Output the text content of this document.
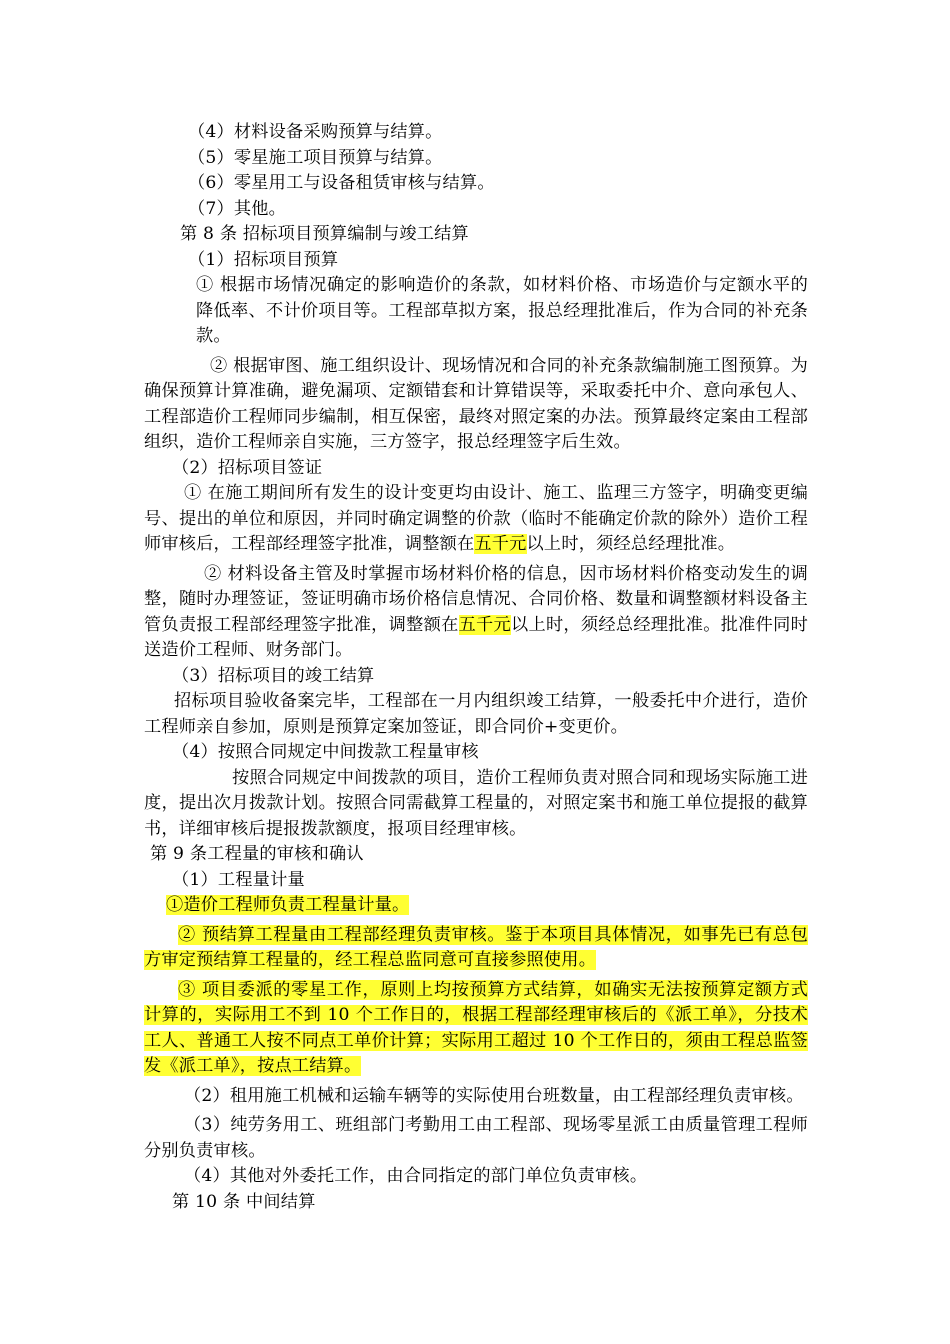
（4）材料设备采购预算与结算。
（5）零星施工项目预算与结算。
（6）零星用工与设备租赁审核与结算。
（7）其他。
第 8 条 招标项目预算编制与竣工结算
（1）招标项目预算
① 根据市场情况确定的影响造价的条款，如材料价格、市场造价与定额水平的降低率、不计价项目等。工程部草拟方案，报总经理批准后，作为合同的补充条款。
② 根据审图、施工组织设计、现场情况和合同的补充条款编制施工图预算。为确保预算计算准确，避免漏项、定额错套和计算错误等，采取委托中介、意向承包人、工程部造价工程师同步编制，相互保密，最终对照定案的办法。预算最终定案由工程部组织，造价工程师亲自实施，三方签字，报总经理签字后生效。
（2）招标项目签证
① 在施工期间所有发生的设计变更均由设计、施工、监理三方签字，明确变更编号、提出的单位和原因，并同时确定调整的价款（临时不能确定价款的除外）造价工程师审核后，工程部经理签字批准，调整额在五千元以上时，须经总经理批准。
② 材料设备主管及时掌握市场材料价格的信息，因市场材料价格变动发生的调整，随时办理签证，签证明确市场价格信息情况、合同价格、数量和调整额材料设备主管负责报工程部经理签字批准，调整额在五千元以上时，须经总经理批准。批准件同时送造价工程师、财务部门。
（3）招标项目的竣工结算
招标项目验收备案完毕，工程部在一月内组织竣工结算，一般委托中介进行，造价工程师亲自参加，原则是预算定案加签证，即合同价+变更价。
（4）按照合同规定中间拨款工程量审核
按照合同规定中间拨款的项目，造价工程师负责对照合同和现场实际施工进度，提出次月拨款计划。按照合同需截算工程量的，对照定案书和施工单位提报的截算书，详细审核后提报拨款额度，报项目经理审核。
第 9 条工程量的审核和确认
（1）工程量计量
①造价工程师负责工程量计量。
② 预结算工程量由工程部经理负责审核。鉴于本项目具体情况，如事先已有总包方审定预结算工程量的，经工程总监同意可直接参照使用。
③ 项目委派的零星工作，原则上均按预算方式结算，如确实无法按预算定额方式计算的，实际用工不到 10 个工作日的，根据工程部经理审核后的《派工单》，分技术工人、普通工人按不同点工单价计算；实际用工超过 10 个工作日的，须由工程总监签发《派工单》，按点工结算。
（2）租用施工机械和运输车辆等的实际使用台班数量，由工程部经理负责审核。
（3）纯劳务用工、班组部门考勤用工由工程部、现场零星派工由质量管理工程师分别负责审核。
（4）其他对外委托工作，由合同指定的部门单位负责审核。
第 10 条 中间结算
